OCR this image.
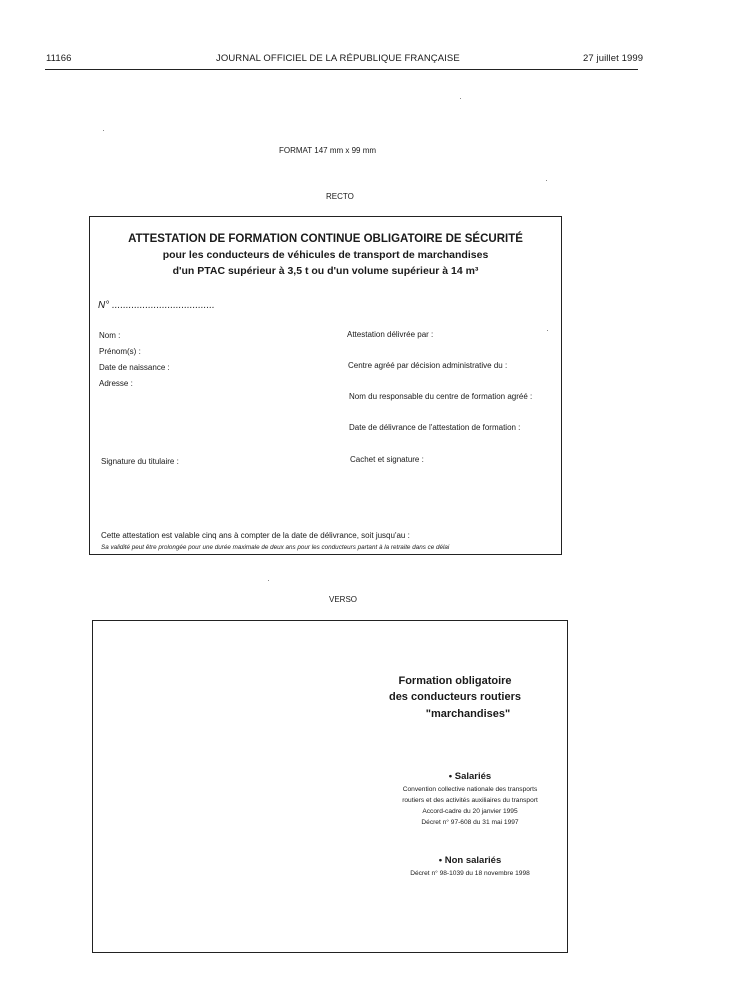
11166	JOURNAL OFFICIEL DE LA RÉPUBLIQUE FRANÇAISE	27 juillet 1999
FORMAT 147 mm x 99 mm
RECTO
ATTESTATION DE FORMATION CONTINUE OBLIGATOIRE DE SÉCURITÉ
pour les conducteurs de véhicules de transport de marchandises
d'un PTAC supérieur à 3,5 t ou d'un volume supérieur à 14 m³
N° .....................................
Nom :
Prénom(s) :
Date de naissance :
Adresse :
Signature du titulaire :
Attestation délivrée par :
Centre agréé par décision administrative du :
Nom du responsable du centre de formation agréé :
Date de délivrance de l'attestation de formation :
Cachet et signature :
Cette attestation est valable cinq ans à compter de la date de délivrance, soit jusqu'au :
Sa validité peut être prolongée pour une durée maximale de deux ans pour les conducteurs partant à la retraite dans ce délai
VERSO
Formation obligatoire
des conducteurs routiers
"marchandises"
• Salariés
Convention collective nationale des transports
routiers et des activités auxiliaires du transport
Accord-cadre du 20 janvier 1995
Décret n° 97-608 du 31 mai 1997
• Non salariés
Décret n° 98-1039 du 18 novembre 1998
